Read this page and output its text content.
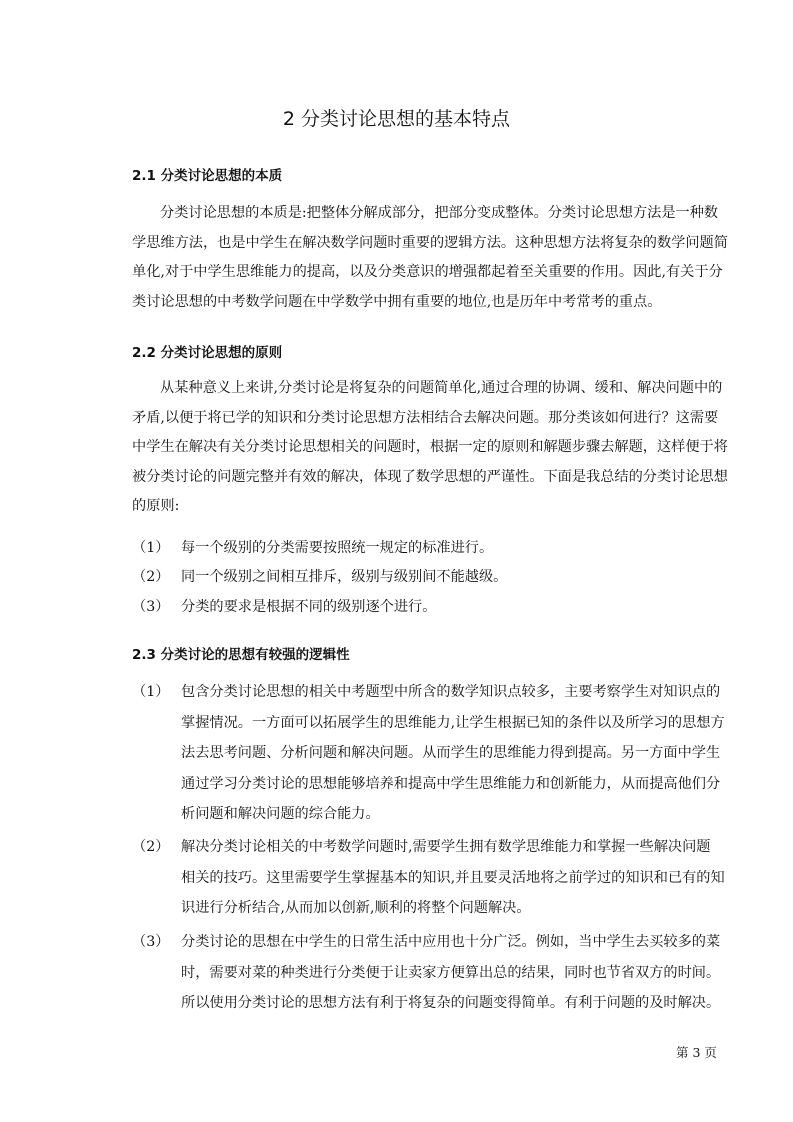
2 分类讨论思想的基本特点
2.1 分类讨论思想的本质
分类讨论思想的本质是:把整体分解成部分，把部分变成整体。分类讨论思想方法是一种数
学思维方法，也是中学生在解决数学问题时重要的逻辑方法。这种思想方法将复杂的数学问题简
单化,对于中学生思维能力的提高，以及分类意识的增强都起着至关重要的作用。因此,有关于分
类讨论思想的中考数学问题在中学数学中拥有重要的地位,也是历年中考常考的重点。
2.2 分类讨论思想的原则
从某种意义上来讲,分类讨论是将复杂的问题简单化,通过合理的协调、缓和、解决问题中的
矛盾,以便于将已学的知识和分类讨论思想方法相结合去解决问题。那分类该如何进行？这需要
中学生在解决有关分类讨论思想相关的问题时，根据一定的原则和解题步骤去解题，这样便于将
被分类讨论的问题完整并有效的解决，体现了数学思想的严谨性。下面是我总结的分类讨论思想
的原则:
（1） 每一个级别的分类需要按照统一规定的标准进行。
（2） 同一个级别之间相互排斥，级别与级别间不能越级。
（3） 分类的要求是根据不同的级别逐个进行。
2.3 分类讨论的思想有较强的逻辑性
（1） 包含分类讨论思想的相关中考题型中所含的数学知识点较多，主要考察学生对知识点的
掌握情况。一方面可以拓展学生的思维能力,让学生根据已知的条件以及所学习的思想方
法去思考问题、分析问题和解决问题。从而学生的思维能力得到提高。另一方面中学生
通过学习分类讨论的思想能够培养和提高中学生思维能力和创新能力，从而提高他们分
析问题和解决问题的综合能力。
（2） 解决分类讨论相关的中考数学问题时,需要学生拥有数学思维能力和掌握一些解决问题
相关的技巧。这里需要学生掌握基本的知识,并且要灵活地将之前学过的知识和已有的知
识进行分析结合,从而加以创新,顺利的将整个问题解决。
（3） 分类讨论的思想在中学生的日常生活中应用也十分广泛。例如，当中学生去买较多的菜
时，需要对菜的种类进行分类便于让卖家方便算出总的结果，同时也节省双方的时间。
所以使用分类讨论的思想方法有利于将复杂的问题变得简单。有利于问题的及时解决。
第 3 页
